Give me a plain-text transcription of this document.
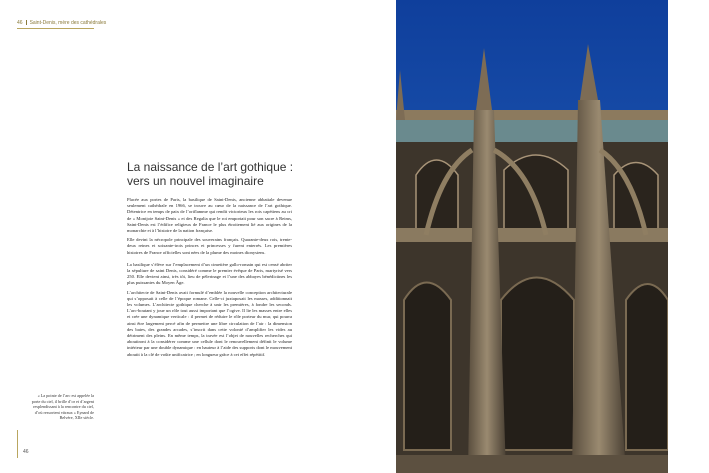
46 Saint-Denis, mère des cathédrales
La naissance de l’art gothique :
vers un nouvel imaginaire

Placée aux portes de Paris, la basilique de Saint-Denis, ancienne abbatiale devenue seulement cathédrale en 1966, se trouve au cœur de la naissance de l’art gothique. Détentrice en temps de paix de l’oriflamme qui rendit victorieux les rois capétiens au cri de « Montjoie Saint-Denis » et des Regalia que le roi emportait pour son sacre à Reims, Saint-Denis est l’édifice religieux de France le plus étroitement lié aux origines de la monarchie et à l’histoire de la nation française.

Elle devint la nécropole principale des souverains français. Quarante-deux rois, trente-deux reines et soixante-trois princes et princesses y furent enterrés. Les premières histoires de France officielles sont nées de la plume des moines dionysiens.

La basilique s’élève sur l’emplacement d’un cimetière gallo-romain qui est censé abriter la sépulture de saint Denis, considéré comme le premier évêque de Paris, martyrisé vers 250. Elle devient ainsi, très tôt, lieu de pèlerinage et l’une des abbayes bénédictines les plus puissantes du Moyen Âge.

L’architecte de Saint-Denis avait formulé d’emblée la nouvelle conception architecturale qui s’opposait à celle de l’époque romane. Celle-ci juxtaposait les masses, additionnait les volumes. L’architecte gothique cherche à unir les premières, à fondre les seconds. L’arc-boutant y joue un rôle tout aussi important que l’ogive. Il lie les masses entre elles et crée une dynamique verticale : il permet de réduire le rôle porteur du mur, qui pourra ainsi être largement percé afin de permettre une libre circulation de l’air : la dimension des baies, des grandes arcades, s’inscrit dans cette volonté d’amplifier les vides au détriment des pleins. En même temps, la travée est l’objet de nouvelles recherches qui aboutiront à la considérer comme une cellule dont le renouvellement définit le volume intérieur par une double dynamique : en hauteur à l’aide des supports dont le mouvement aboutit à la clé de voûte unificatrice ; en longueur grâce à cet effet répétitif.

« La pointe de l’arc est appelée la porte du ciel, il brille d’or et d’argent resplendissant à la rencontre du ciel, d’où ressortent vitraux » Eynard de Belvère, XIIe siècle.
46
